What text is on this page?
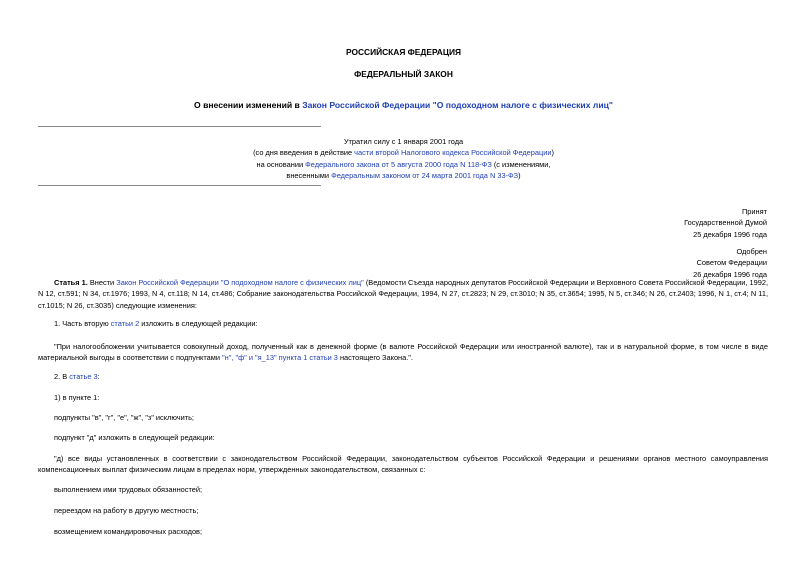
РОССИЙСКАЯ ФЕДЕРАЦИЯ
ФЕДЕРАЛЬНЫЙ ЗАКОН
О внесении изменений в Закон Российской Федерации "О подоходном налоге с физических лиц"
Утратил силу с 1 января 2001 года
(со дня введения в действие части второй Налогового кодекса Российской Федерации)
на основании Федерального закона от 5 августа 2000 года N 118-ФЗ (с изменениями,
внесенными Федеральным законом от 24 марта 2001 года N 33-ФЗ)
Принят
Государственной Думой
25 декабря 1996 года
Одобрен
Советом Федерации
26 декабря 1996 года
Статья 1. Внести Закон Российской Федерации "О подоходном налоге с физических лиц" (Ведомости Съезда народных депутатов Российской Федерации и Верховного Совета Российской Федерации, 1992, N 12, ст.591; N 34, ст.1976; 1993, N 4, ст.118; N 14, ст.486; Собрание законодательства Российской Федерации, 1994, N 27, ст.2823; N 29, ст.3010; N 35, ст.3654; 1995, N 5, ст.346; N 26, ст.2403; 1996, N 1, ст.4; N 11, ст.1015; N 26, ст.3035) следующие изменения:
1. Часть вторую статьи 2 изложить в следующей редакции:
"При налогообложении учитывается совокупный доход, полученный как в денежной форме (в валюте Российской Федерации или иностранной валюте), так и в натуральной форме, в том числе в виде материальной выгоды в соответствии с подпунктами "н", "ф" и "я_13" пункта 1 статьи 3 настоящего Закона.".
2. В статье 3:
1) в пункте 1:
подпункты "в", "г", "е", "ж", "з" исключить;
подпункт "д" изложить в следующей редакции:
"д) все виды установленных в соответствии с законодательством Российской Федерации, законодательством субъектов Российской Федерации и решениями органов местного самоуправления компенсационных выплат физическим лицам в пределах норм, утвержденных законодательством, связанных с:
выполнением ими трудовых обязанностей;
переездом на работу в другую местность;
возмещением командировочных расходов;
